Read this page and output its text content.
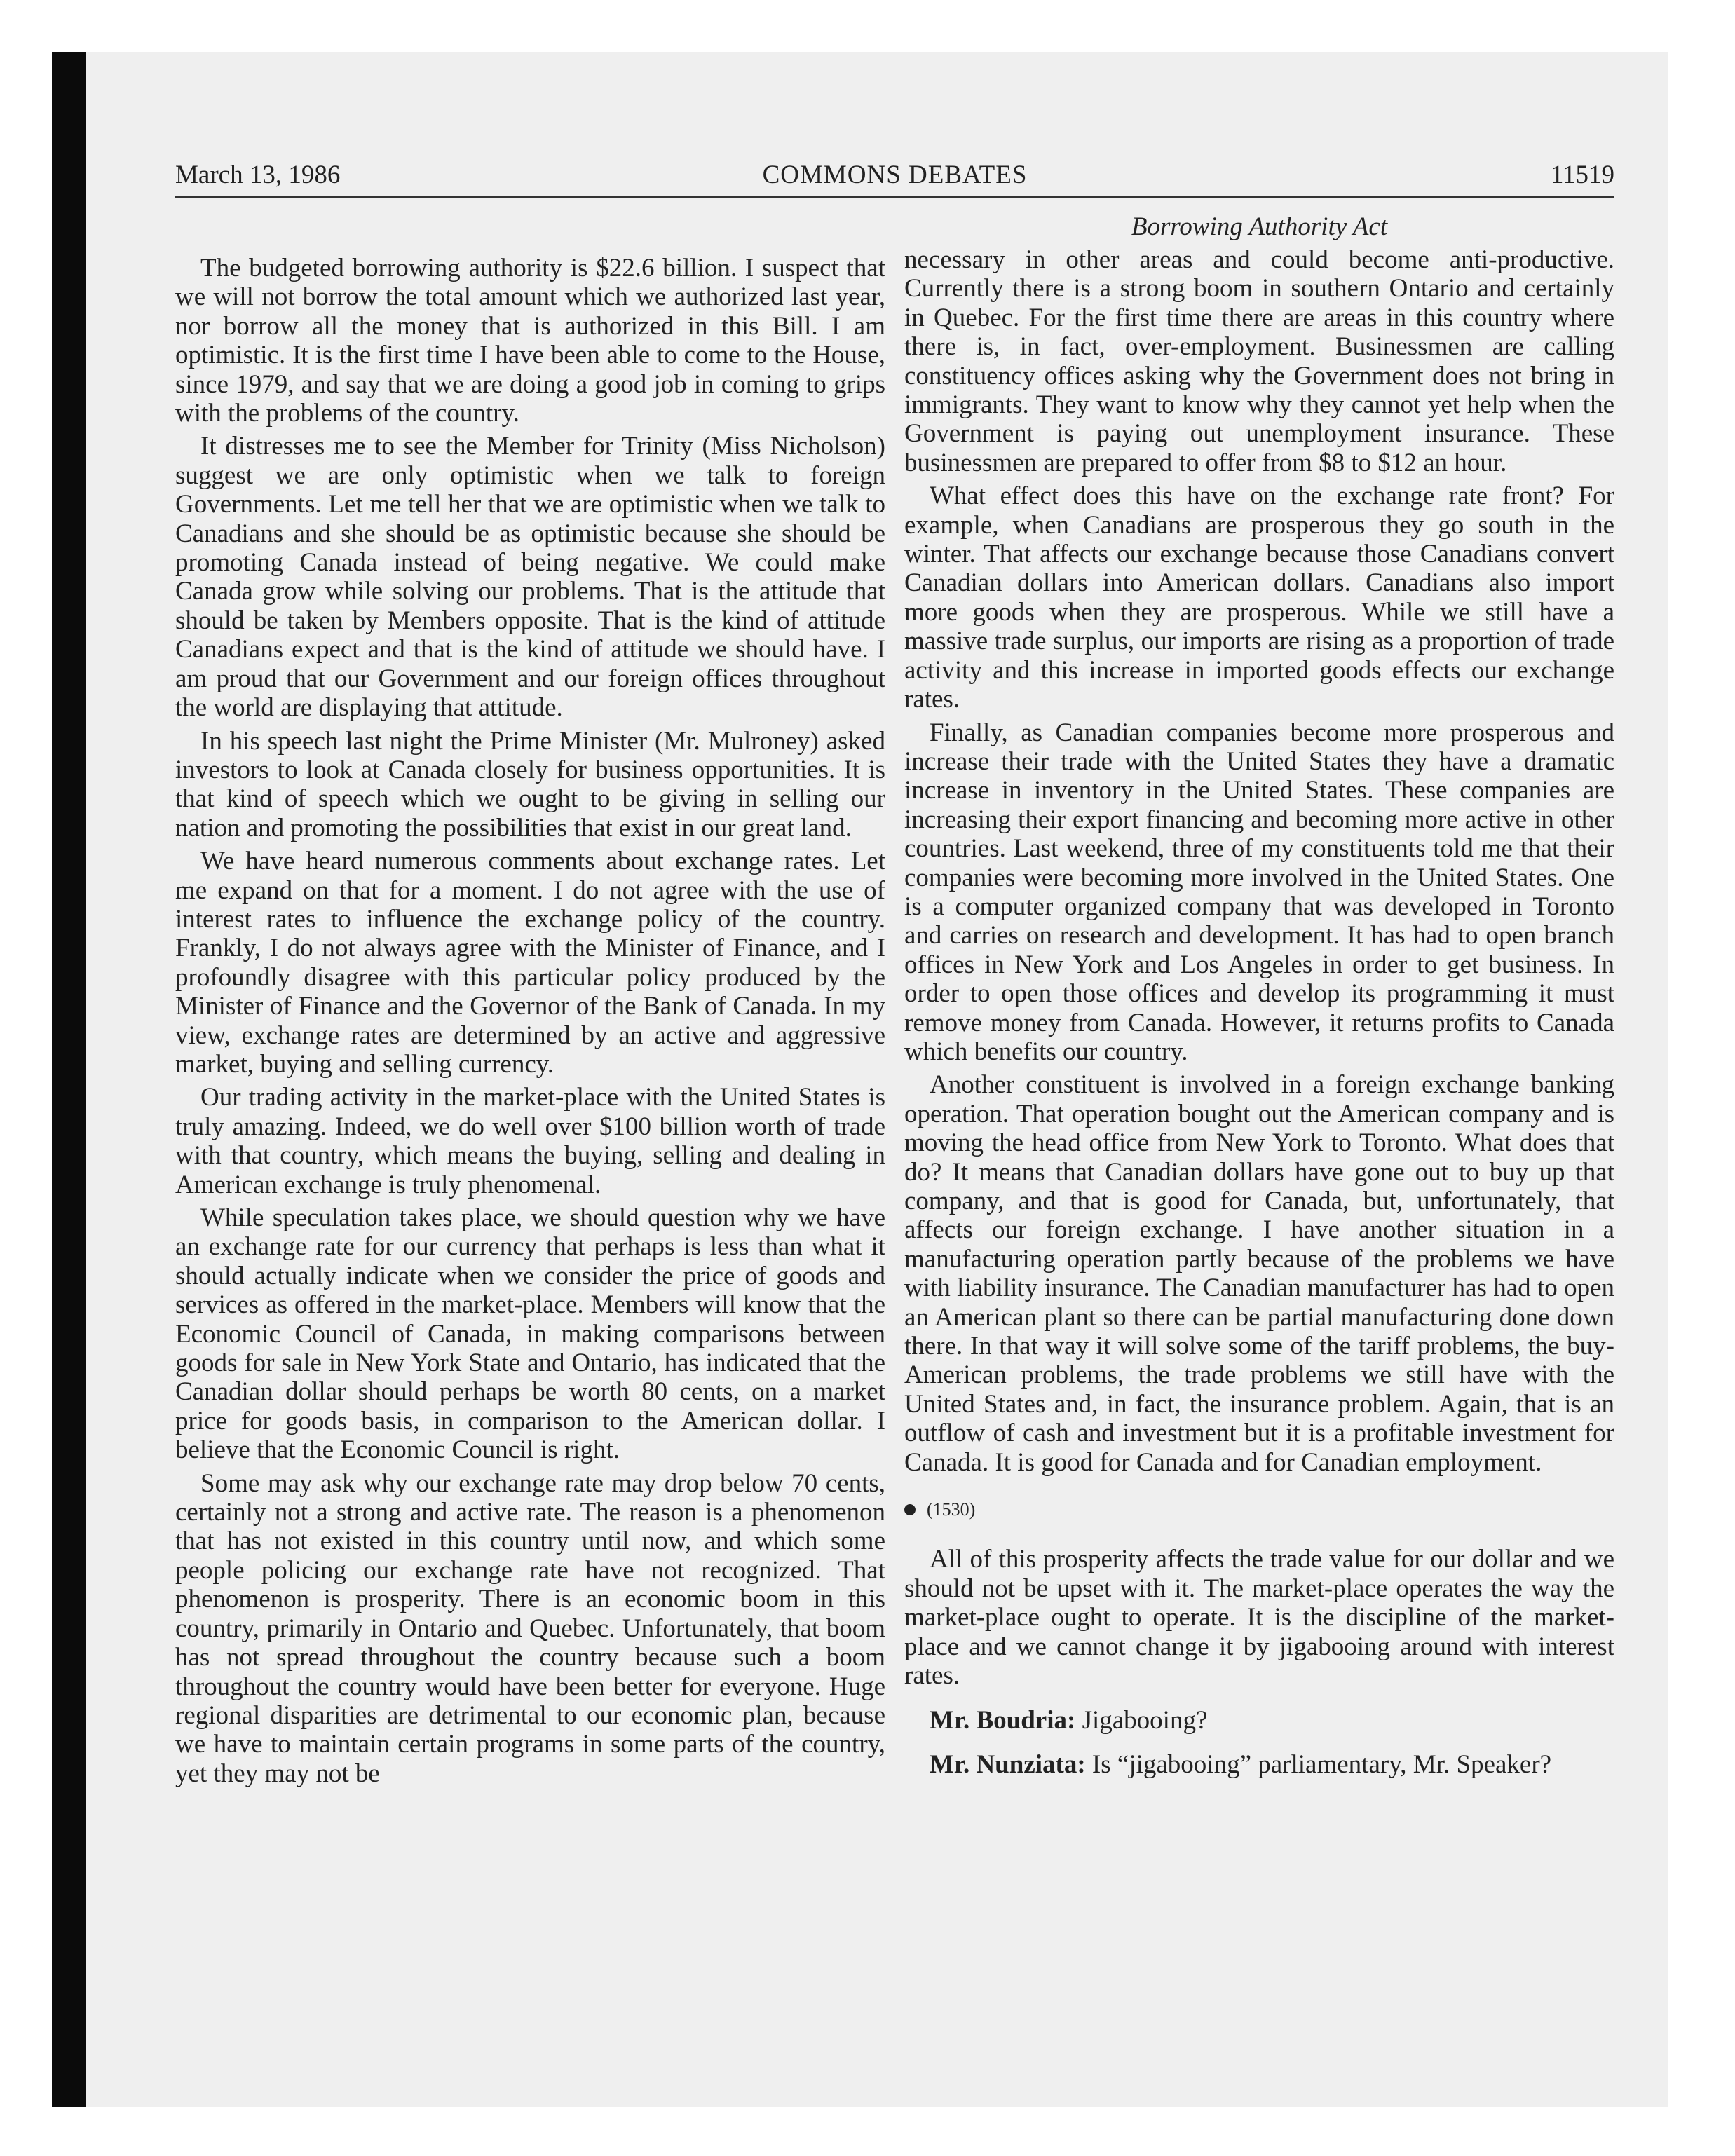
March 13, 1986	COMMONS DEBATES	11519
Borrowing Authority Act

The budgeted borrowing authority is $22.6 billion. I suspect that we will not borrow the total amount which we authorized last year, nor borrow all the money that is authorized in this Bill. I am optimistic. It is the first time I have been able to come to the House, since 1979, and say that we are doing a good job in coming to grips with the problems of the country.

It distresses me to see the Member for Trinity (Miss Nicholson) suggest we are only optimistic when we talk to foreign Governments. Let me tell her that we are optimistic when we talk to Canadians and she should be as optimistic because she should be promoting Canada instead of being negative. We could make Canada grow while solving our problems. That is the attitude that should be taken by Members opposite. That is the kind of attitude Canadians expect and that is the kind of attitude we should have. I am proud that our Government and our foreign offices throughout the world are displaying that attitude.

In his speech last night the Prime Minister (Mr. Mulroney) asked investors to look at Canada closely for business opportunities. It is that kind of speech which we ought to be giving in selling our nation and promoting the possibilities that exist in our great land.

We have heard numerous comments about exchange rates. Let me expand on that for a moment. I do not agree with the use of interest rates to influence the exchange policy of the country. Frankly, I do not always agree with the Minister of Finance, and I profoundly disagree with this particular policy produced by the Minister of Finance and the Governor of the Bank of Canada. In my view, exchange rates are determined by an active and aggressive market, buying and selling currency.

Our trading activity in the market-place with the United States is truly amazing. Indeed, we do well over $100 billion worth of trade with that country, which means the buying, selling and dealing in American exchange is truly phenomenal.

While speculation takes place, we should question why we have an exchange rate for our currency that perhaps is less than what it should actually indicate when we consider the price of goods and services as offered in the market-place. Members will know that the Economic Council of Canada, in making comparisons between goods for sale in New York State and Ontario, has indicated that the Canadian dollar should perhaps be worth 80 cents, on a market price for goods basis, in comparison to the American dollar. I believe that the Economic Council is right.

Some may ask why our exchange rate may drop below 70 cents, certainly not a strong and active rate. The reason is a phenomenon that has not existed in this country until now, and which some people policing our exchange rate have not recognized. That phenomenon is prosperity. There is an economic boom in this country, primarily in Ontario and Quebec. Unfortunately, that boom has not spread throughout the country because such a boom throughout the country would have been better for everyone. Huge regional disparities are detrimental to our economic plan, because we have to maintain certain programs in some parts of the country, yet they may not be

necessary in other areas and could become anti-productive. Currently there is a strong boom in southern Ontario and certainly in Quebec. For the first time there are areas in this country where there is, in fact, over-employment. Businessmen are calling constituency offices asking why the Government does not bring in immigrants. They want to know why they cannot yet help when the Government is paying out unemployment insurance. These businessmen are prepared to offer from $8 to $12 an hour.

What effect does this have on the exchange rate front? For example, when Canadians are prosperous they go south in the winter. That affects our exchange because those Canadians convert Canadian dollars into American dollars. Canadians also import more goods when they are prosperous. While we still have a massive trade surplus, our imports are rising as a proportion of trade activity and this increase in imported goods effects our exchange rates.

Finally, as Canadian companies become more prosperous and increase their trade with the United States they have a dramatic increase in inventory in the United States. These companies are increasing their export financing and becoming more active in other countries. Last weekend, three of my constituents told me that their companies were becoming more involved in the United States. One is a computer organized company that was developed in Toronto and carries on research and development. It has had to open branch offices in New York and Los Angeles in order to get business. In order to open those offices and develop its programming it must remove money from Canada. However, it returns profits to Canada which benefits our country.

Another constituent is involved in a foreign exchange banking operation. That operation bought out the American company and is moving the head office from New York to Toronto. What does that do? It means that Canadian dollars have gone out to buy up that company, and that is good for Canada, but, unfortunately, that affects our foreign exchange. I have another situation in a manufacturing operation partly because of the problems we have with liability insurance. The Canadian manufacturer has had to open an American plant so there can be partial manufacturing done down there. In that way it will solve some of the tariff problems, the buy-American problems, the trade problems we still have with the United States and, in fact, the insurance problem. Again, that is an outflow of cash and investment but it is a profitable investment for Canada. It is good for Canada and for Canadian employment.

(1530)

All of this prosperity affects the trade value for our dollar and we should not be upset with it. The market-place operates the way the market-place ought to operate. It is the discipline of the market-place and we cannot change it by jigabooing around with interest rates.

Mr. Boudria: Jigabooing?

Mr. Nunziata: Is “jigabooing” parliamentary, Mr. Speaker?
